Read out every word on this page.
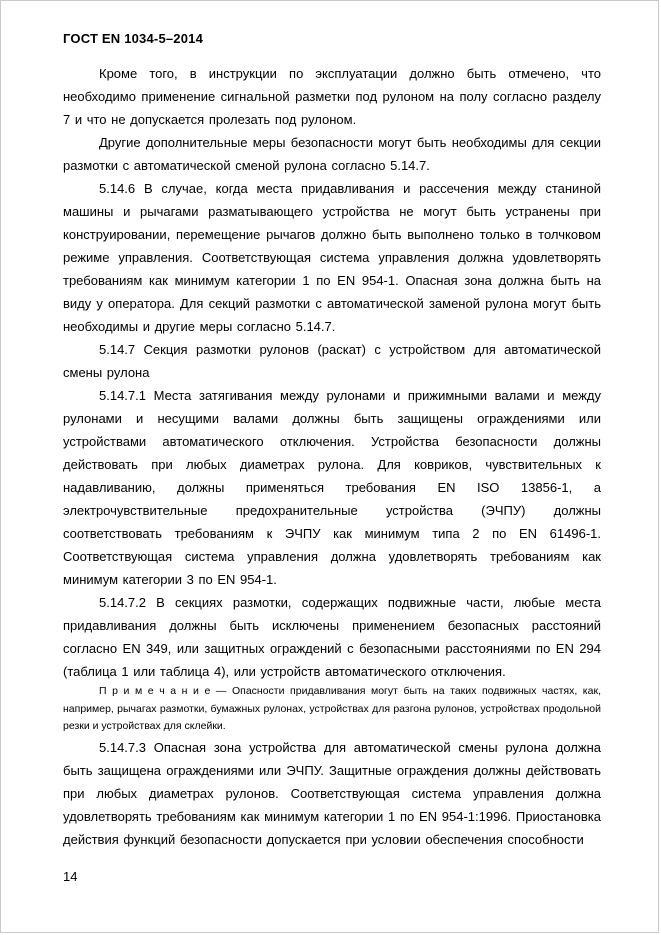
ГОСТ EN 1034-5–2014

Кроме того, в инструкции по эксплуатации должно быть отмечено, что необходимо применение сигнальной разметки под рулоном на полу согласно разделу 7 и что не допускается пролезать под рулоном.

Другие дополнительные меры безопасности могут быть необходимы для секции размотки с автоматической сменой рулона согласно 5.14.7.

5.14.6 В случае, когда места придавливания и рассечения между станиной машины и рычагами разматывающего устройства не могут быть устранены при конструировании, перемещение рычагов должно быть выполнено только в толчковом режиме управления. Соответствующая система управления должна удовлетворять требованиям как минимум категории 1 по EN 954-1. Опасная зона должна быть на виду у оператора. Для секций размотки с автоматической заменой рулона могут быть необходимы и другие меры согласно 5.14.7.

5.14.7 Секция размотки рулонов (раскат) с устройством для автоматической смены рулона

5.14.7.1 Места затягивания между рулонами и прижимными валами и между рулонами и несущими валами должны быть защищены ограждениями или устройствами автоматического отключения. Устройства безопасности должны действовать при любых диаметрах рулона. Для ковриков, чувствительных к надавливанию, должны применяться требования EN ISO 13856-1, а электрочувствительные предохранительные устройства (ЭЧПУ) должны соответствовать требованиям к ЭЧПУ как минимум типа 2 по EN 61496-1. Соответствующая система управления должна удовлетворять требованиям как минимум категории 3 по EN 954-1.

5.14.7.2 В секциях размотки, содержащих подвижные части, любые места придавливания должны быть исключены применением безопасных расстояний согласно EN 349, или защитных ограждений с безопасными расстояниями по EN 294 (таблица 1 или таблица 4), или устройств автоматического отключения.

П р и м е ч а н и е — Опасности придавливания могут быть на таких подвижных частях, как, например, рычагах размотки, бумажных рулонах, устройствах для разгона рулонов, устройствах продольной резки и устройствах для склейки.

5.14.7.3 Опасная зона устройства для автоматической смены рулона должна быть защищена ограждениями или ЭЧПУ. Защитные ограждения должны действовать при любых диаметрах рулонов. Соответствующая система управления должна удовлетворять требованиям как минимум категории 1 по EN 954-1:1996. Приостановка действия функций безопасности допускается при условии обеспечения способности

14
